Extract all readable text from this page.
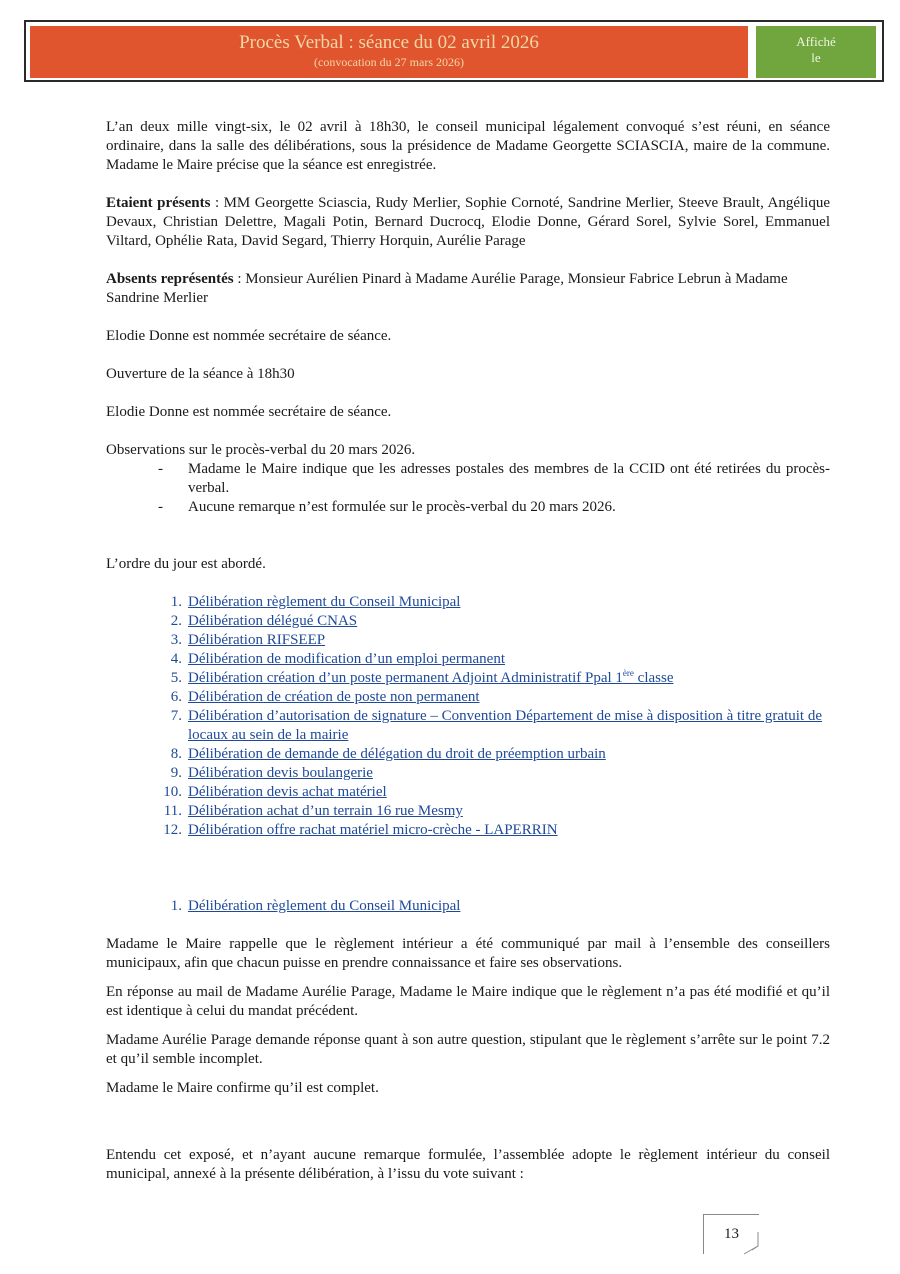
Procès Verbal : séance du 02 avril 2026
(convocation du 27 mars 2026)
Affiché
le

L’an deux mille vingt-six, le 02 avril à 18h30, le conseil municipal légalement convoqué s’est réuni, en séance ordinaire, dans la salle des délibérations, sous la présidence de Madame Georgette SCIASCIA, maire de la commune. Madame le Maire précise que la séance est enregistrée.

Etaient présents : MM Georgette Sciascia, Rudy Merlier, Sophie Cornoté, Sandrine Merlier, Steeve Brault, Angélique Devaux, Christian Delettre, Magali Potin, Bernard Ducrocq, Elodie Donne, Gérard Sorel, Sylvie Sorel, Emmanuel Viltard, Ophélie Rata, David Segard, Thierry Horquin, Aurélie Parage

Absents représentés : Monsieur Aurélien Pinard à Madame Aurélie Parage, Monsieur Fabrice Lebrun à Madame Sandrine Merlier

Elodie Donne est nommée secrétaire de séance.

Ouverture de la séance à 18h30

Elodie Donne est nommée secrétaire de séance.

Observations sur le procès-verbal du 20 mars 2026.

- Madame le Maire indique que les adresses postales des membres de la CCID ont été retirées du procès-verbal.
- Aucune remarque n’est formulée sur le procès-verbal du 20 mars 2026.

L’ordre du jour est abordé.

1. Délibération règlement du Conseil Municipal
2. Délibération délégué CNAS
3. Délibération RIFSEEP
4. Délibération de modification d’un emploi permanent
5. Délibération création d’un poste permanent Adjoint Administratif Ppal 1ère classe
6. Délibération de création de poste non permanent
7. Délibération d’autorisation de signature – Convention Département de mise à disposition à titre gratuit de locaux au sein de la mairie
8. Délibération de demande de délégation du droit de préemption urbain
9. Délibération devis boulangerie
10. Délibération devis achat matériel
11. Délibération achat d’un terrain 16 rue Mesmy
12. Délibération offre rachat matériel micro-crèche - LAPERRIN

1. Délibération règlement du Conseil Municipal

Madame le Maire rappelle que le règlement intérieur a été communiqué par mail à l’ensemble des conseillers municipaux, afin que chacun puisse en prendre connaissance et faire ses observations.

En réponse au mail de Madame Aurélie Parage, Madame le Maire indique que le règlement n’a pas été modifié et qu’il est identique à celui du mandat précédent.

Madame Aurélie Parage demande réponse quant à son autre question, stipulant que le règlement s’arrête sur le point 7.2 et qu’il semble incomplet.

Madame le Maire confirme qu’il est complet.

Entendu cet exposé, et n’ayant aucune remarque formulée, l’assemblée adopte le règlement intérieur du conseil municipal, annexé à la présente délibération, à l’issu du vote suivant :

13
